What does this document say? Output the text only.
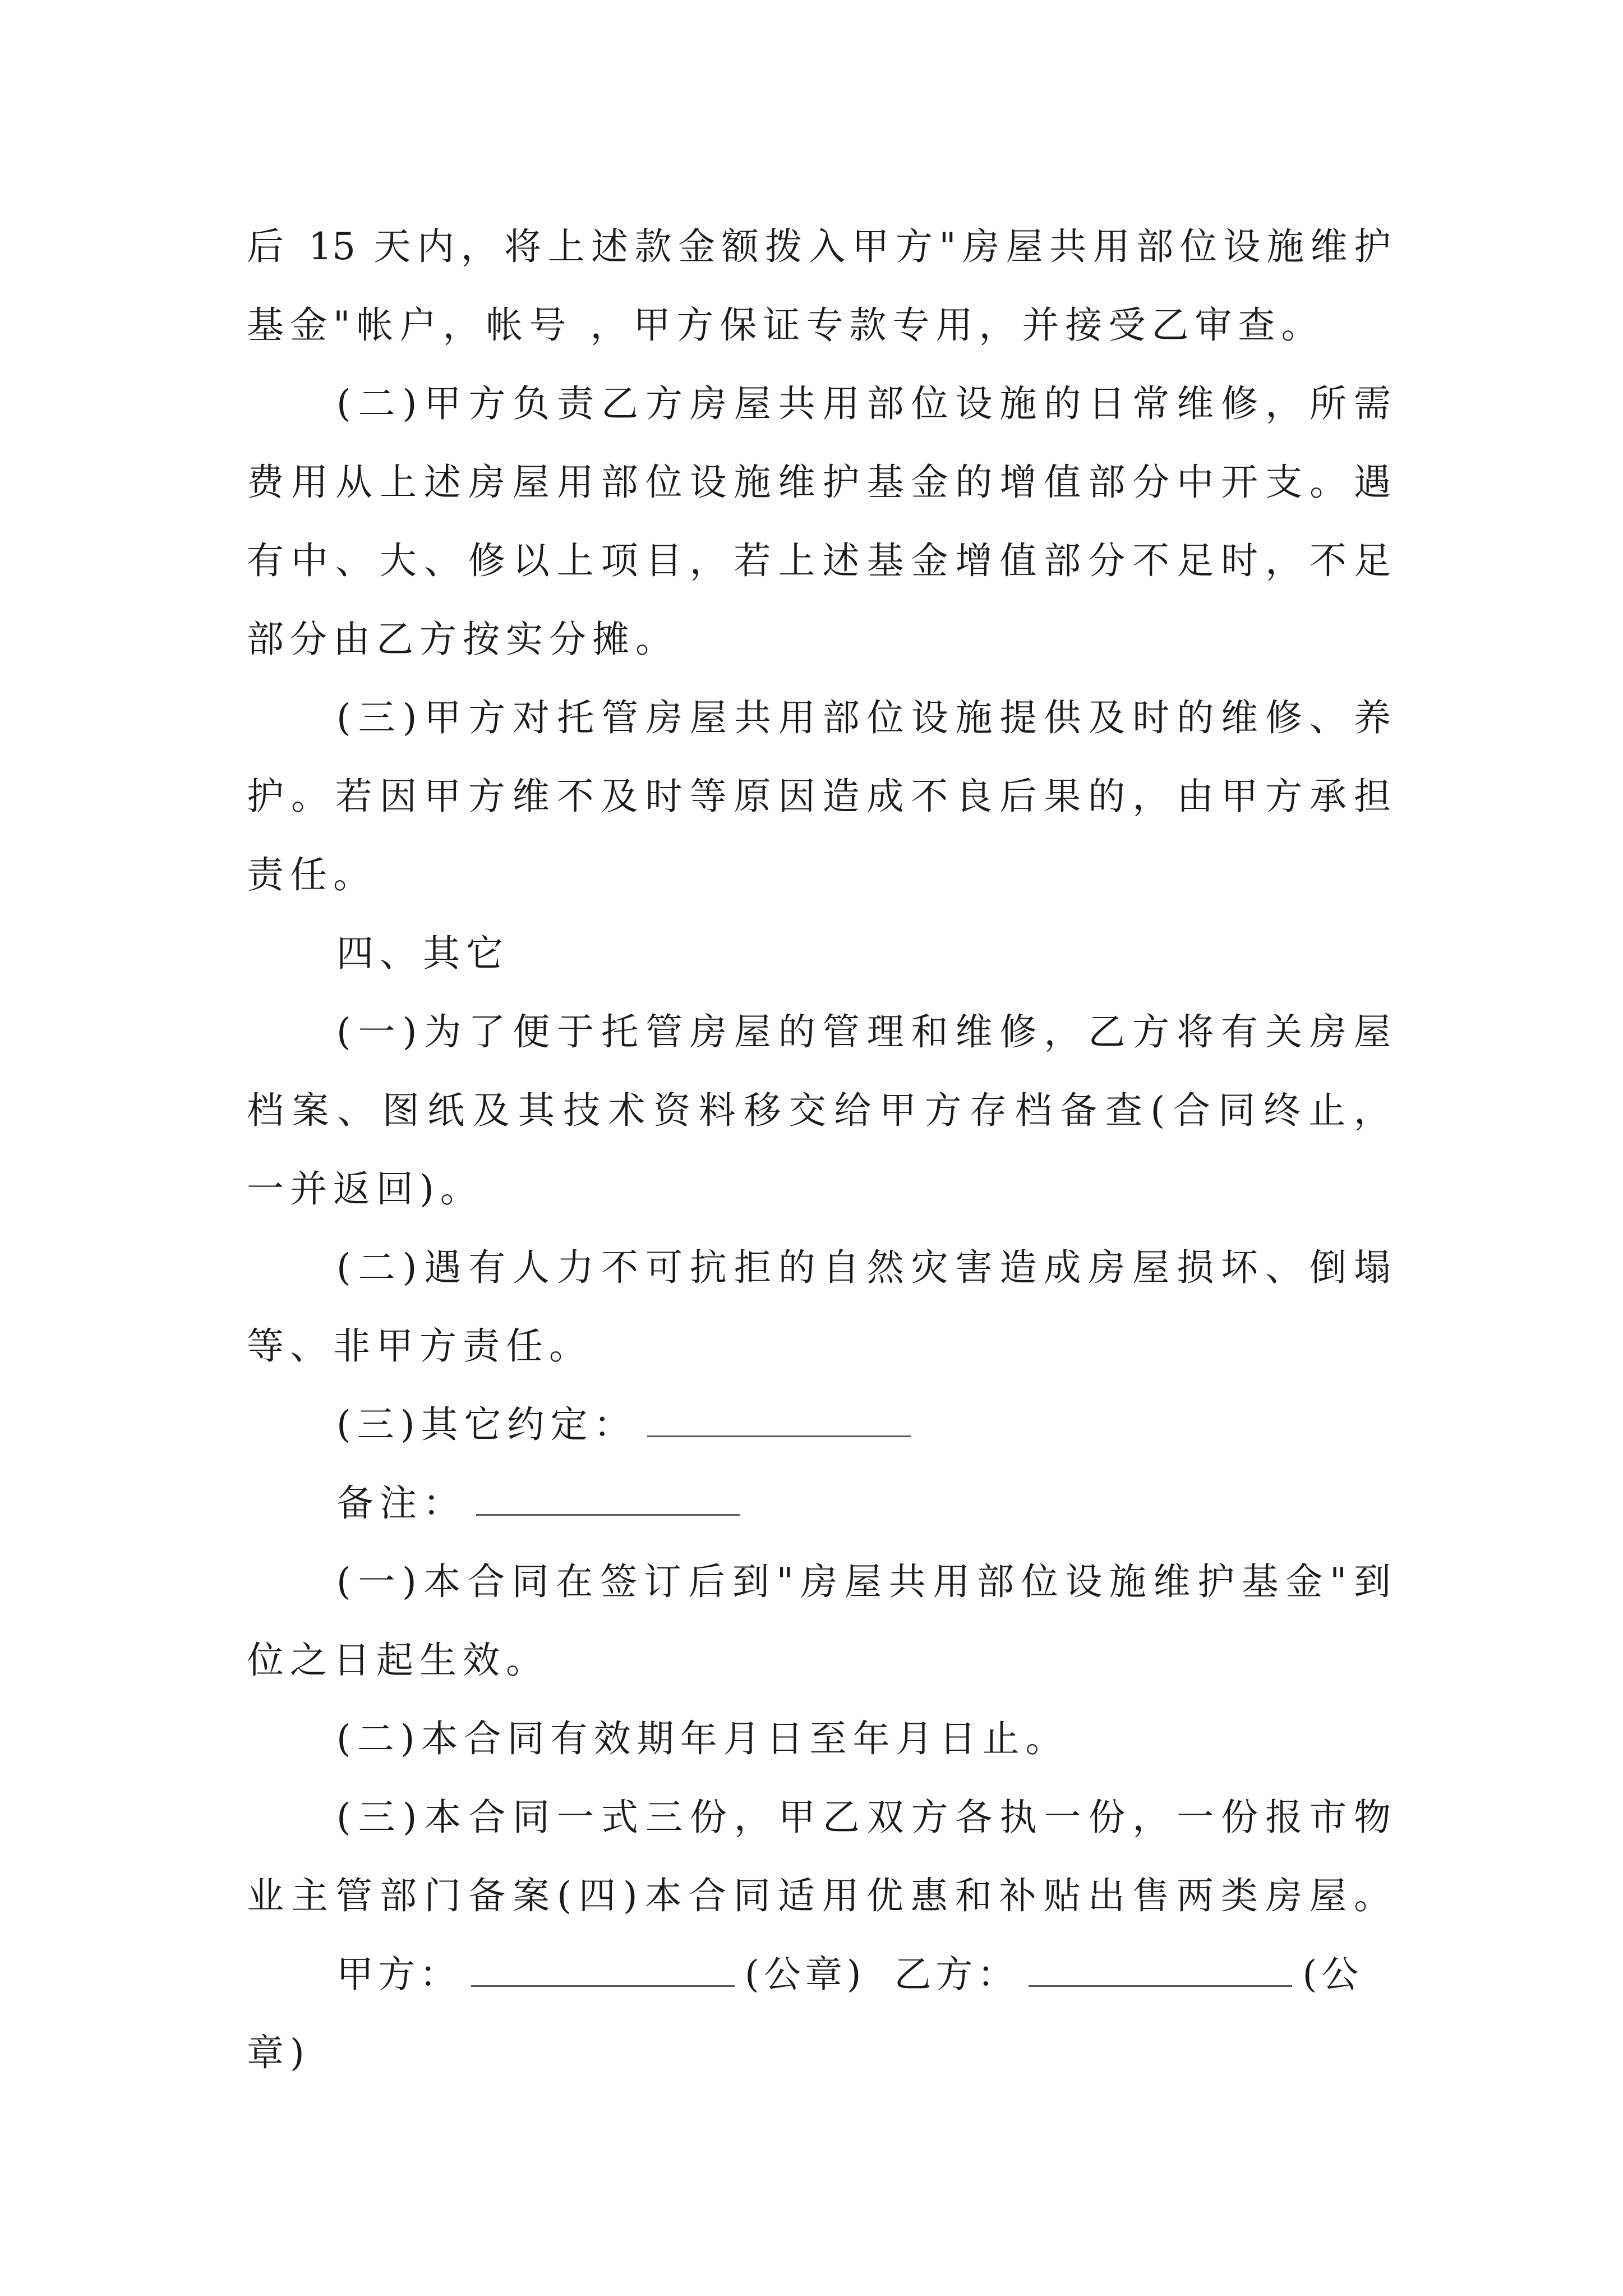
后 15 天内，将上述款金额拨入甲方"房屋共用部位设施维护
基金"帐户，帐号 ，甲方保证专款专用，并接受乙审查。
(二)甲方负责乙方房屋共用部位设施的日常维修，所需
费用从上述房屋用部位设施维护基金的增值部分中开支。遇
有中、大、修以上项目，若上述基金增值部分不足时，不足
部分由乙方按实分摊。
(三)甲方对托管房屋共用部位设施提供及时的维修、养
护。若因甲方维不及时等原因造成不良后果的，由甲方承担
责任。
四、其它
(一)为了便于托管房屋的管理和维修，乙方将有关房屋
档案、图纸及其技术资料移交给甲方存档备查(合同终止，
一并返回)。
(二)遇有人力不可抗拒的自然灾害造成房屋损坏、倒塌
等、非甲方责任。
(三)其它约定：
备注：
(一)本合同在签订后到"房屋共用部位设施维护基金"到
位之日起生效。
(二)本合同有效期年月日至年月日止。
(三)本合同一式三份，甲乙双方各执一份，一份报市物
业主管部门备案(四)本合同适用优惠和补贴出售两类房屋。
甲方：	(公章) 乙方：	(公
章)
